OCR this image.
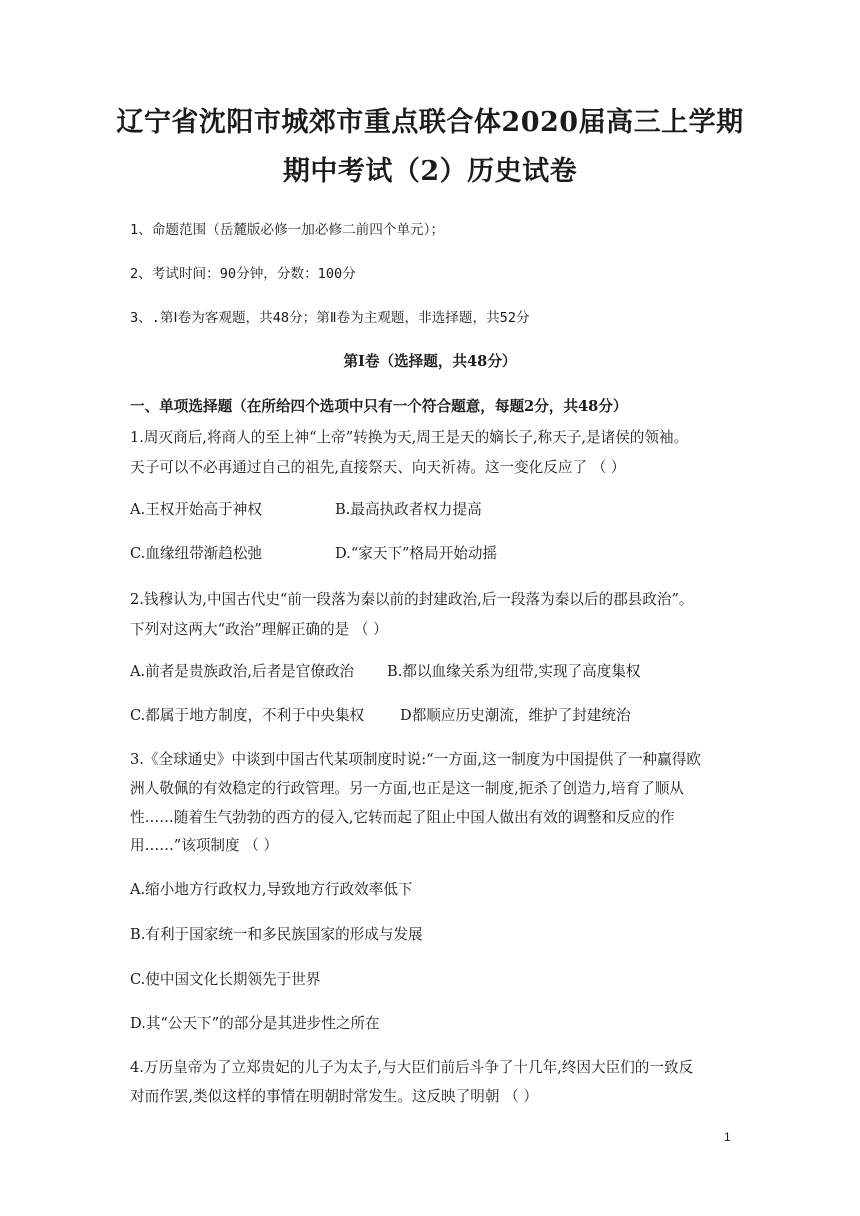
辽宁省沈阳市城郊市重点联合体2020届高三上学期
期中考试（2）历史试卷

1、命题范围（岳麓版必修一加必修二前四个单元）；

2、考试时间：90分钟，分数：100分

3、.第Ⅰ卷为客观题，共48分；第Ⅱ卷为主观题，非选择题，共52分

第Ⅰ卷（选择题，共48分）

一、单项选择题（在所给四个选项中只有一个符合题意，每题2分，共48分）

1.周灭商后,将商人的至上神“上帝”转换为天,周王是天的嫡长子,称天子,是诸侯的领袖。

天子可以不必再通过自己的祖先,直接祭天、向天祈祷。这一变化反应了 （ ）

A.王权开始高于神权	B.最高执政者权力提高
C.血缘纽带渐趋松弛	D.“家天下”格局开始动摇

2.钱穆认为,中国古代史“前一段落为秦以前的封建政治,后一段落为秦以后的郡县政治”。

下列对这两大“政治”理解正确的是 （ ）

A.前者是贵族政治,后者是官僚政治 B.都以血缘关系为纽带,实现了高度集权
C.都属于地方制度，不利于中央集权 D都顺应历史潮流，维护了封建统治

3.《全球通史》中谈到中国古代某项制度时说:“一方面,这一制度为中国提供了一种赢得欧

洲人敬佩的有效稳定的行政管理。另一方面,也正是这一制度,扼杀了创造力,培育了顺从

性……随着生气勃勃的西方的侵入,它转而起了阻止中国人做出有效的调整和反应的作

用……”该项制度 （ ）

A.缩小地方行政权力,导致地方行政效率低下
B.有利于国家统一和多民族国家的形成与发展
C.使中国文化长期领先于世界
D.其“公天下”的部分是其进步性之所在

4.万历皇帝为了立郑贵妃的儿子为太子,与大臣们前后斗争了十几年,终因大臣们的一致反

对而作罢,类似这样的事情在明朝时常发生。这反映了明朝 （ ）

1
